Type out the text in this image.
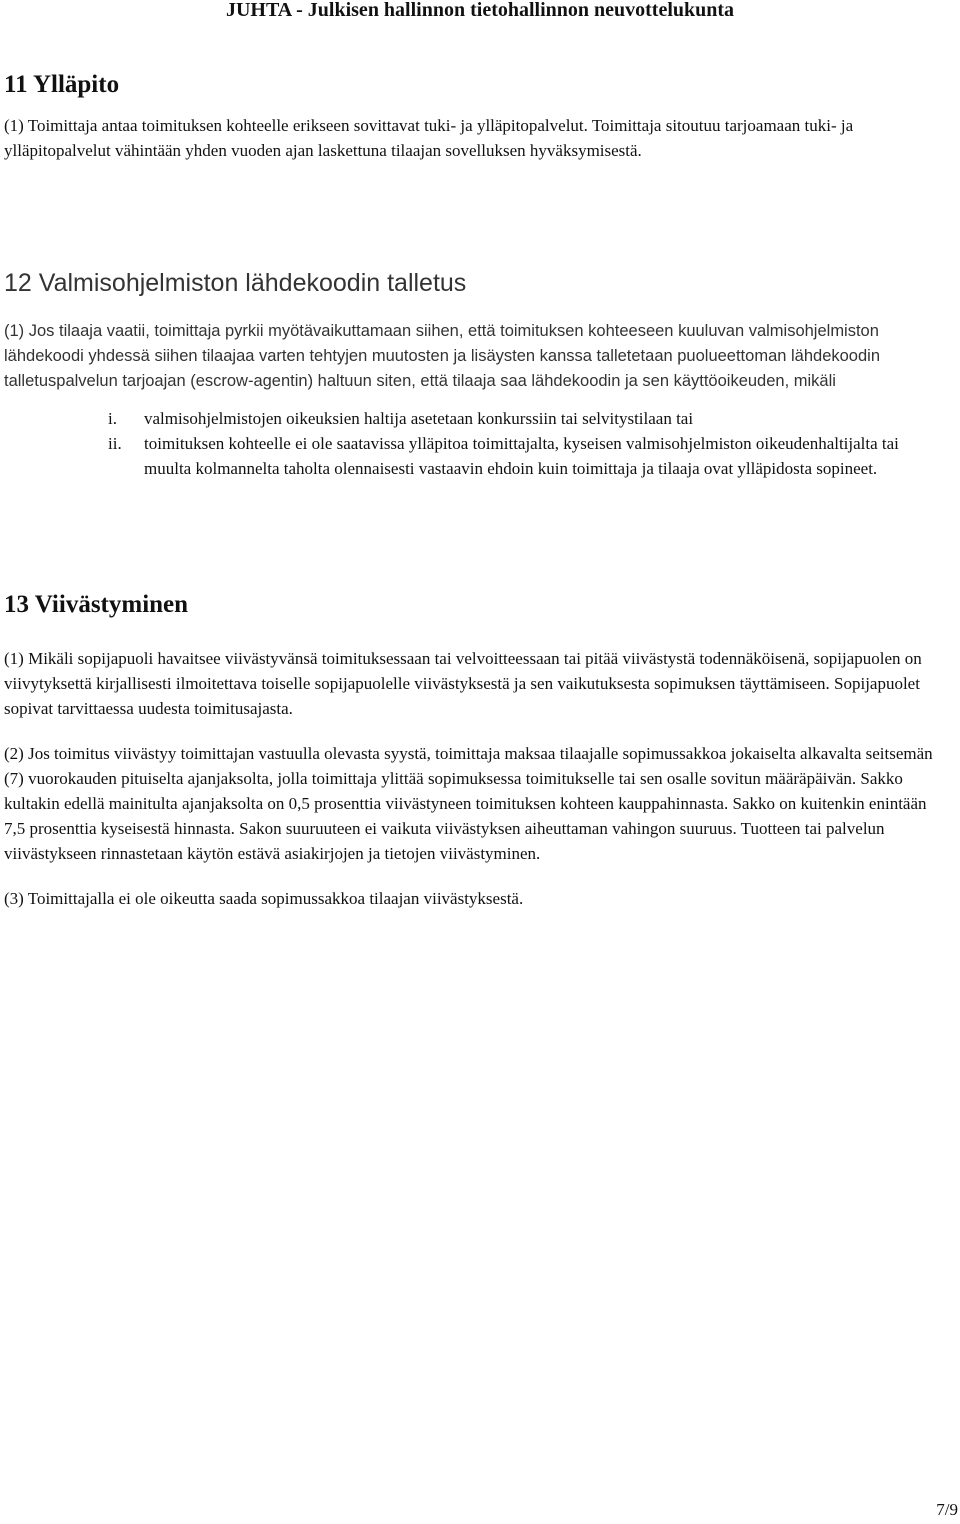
JUHTA - Julkisen hallinnon tietohallinnon neuvottelukunta
11 Ylläpito

(1) Toimittaja antaa toimituksen kohteelle erikseen sovittavat tuki- ja ylläpitopalvelut. Toimittaja sitoutuu tarjoamaan tuki- ja ylläpitopalvelut vähintään yhden vuoden ajan laskettuna tilaajan sovelluksen hyväksymisestä.

12 Valmisohjelmiston lähdekoodin talletus

(1) Jos tilaaja vaatii, toimittaja pyrkii myötävaikuttamaan siihen, että toimituksen kohteeseen kuuluvan valmisohjelmiston lähdekoodi yhdessä siihen tilaajaa varten tehtyjen muutosten ja lisäysten kanssa talletetaan puolueettoman lähdekoodin talletuspalvelun tarjoajan (escrow-agentin) haltuun siten, että tilaaja saa lähdekoodin ja sen käyttöoikeuden, mikäli

i. valmisohjelmistojen oikeuksien haltija asetetaan konkurssiin tai selvitystilaan tai
ii. toimituksen kohteelle ei ole saatavissa ylläpitoa toimittajalta, kyseisen valmisohjelmiston oikeudenhaltijalta tai muulta kolmannelta taholta olennaisesti vastaavin ehdoin kuin toimittaja ja tilaaja ovat ylläpidosta sopineet.
13 Viivästyminen

(1) Mikäli sopijapuoli havaitsee viivästyvänsä toimituksessaan tai velvoitteessaan tai pitää viivästystä todennäköisenä, sopijapuolen on viivytyksettä kirjallisesti ilmoitettava toiselle sopijapuolelle viivästyksestä ja sen vaikutuksesta sopimuksen täyttämiseen. Sopijapuolet sopivat tarvittaessa uudesta toimitusajasta.

(2) Jos toimitus viivästyy toimittajan vastuulla olevasta syystä, toimittaja maksaa tilaajalle sopimussakkoa jokaiselta alkavalta seitsemän (7) vuorokauden pituiselta ajanjaksolta, jolla toimittaja ylittää sopimuksessa toimitukselle tai sen osalle sovitun määräpäivän. Sakko kultakin edellä mainitulta ajanjaksolta on 0,5 prosenttia viivästyneen toimituksen kohteen kauppahinnasta. Sakko on kuitenkin enintään 7,5 prosenttia kyseisestä hinnasta. Sakon suuruuteen ei vaikuta viivästyksen aiheuttaman vahingon suuruus. Tuotteen tai palvelun viivästykseen rinnastetaan käytön estävä asiakirjojen ja tietojen viivästyminen.

(3) Toimittajalla ei ole oikeutta saada sopimussakkoa tilaajan viivästyksestä.

7/9
